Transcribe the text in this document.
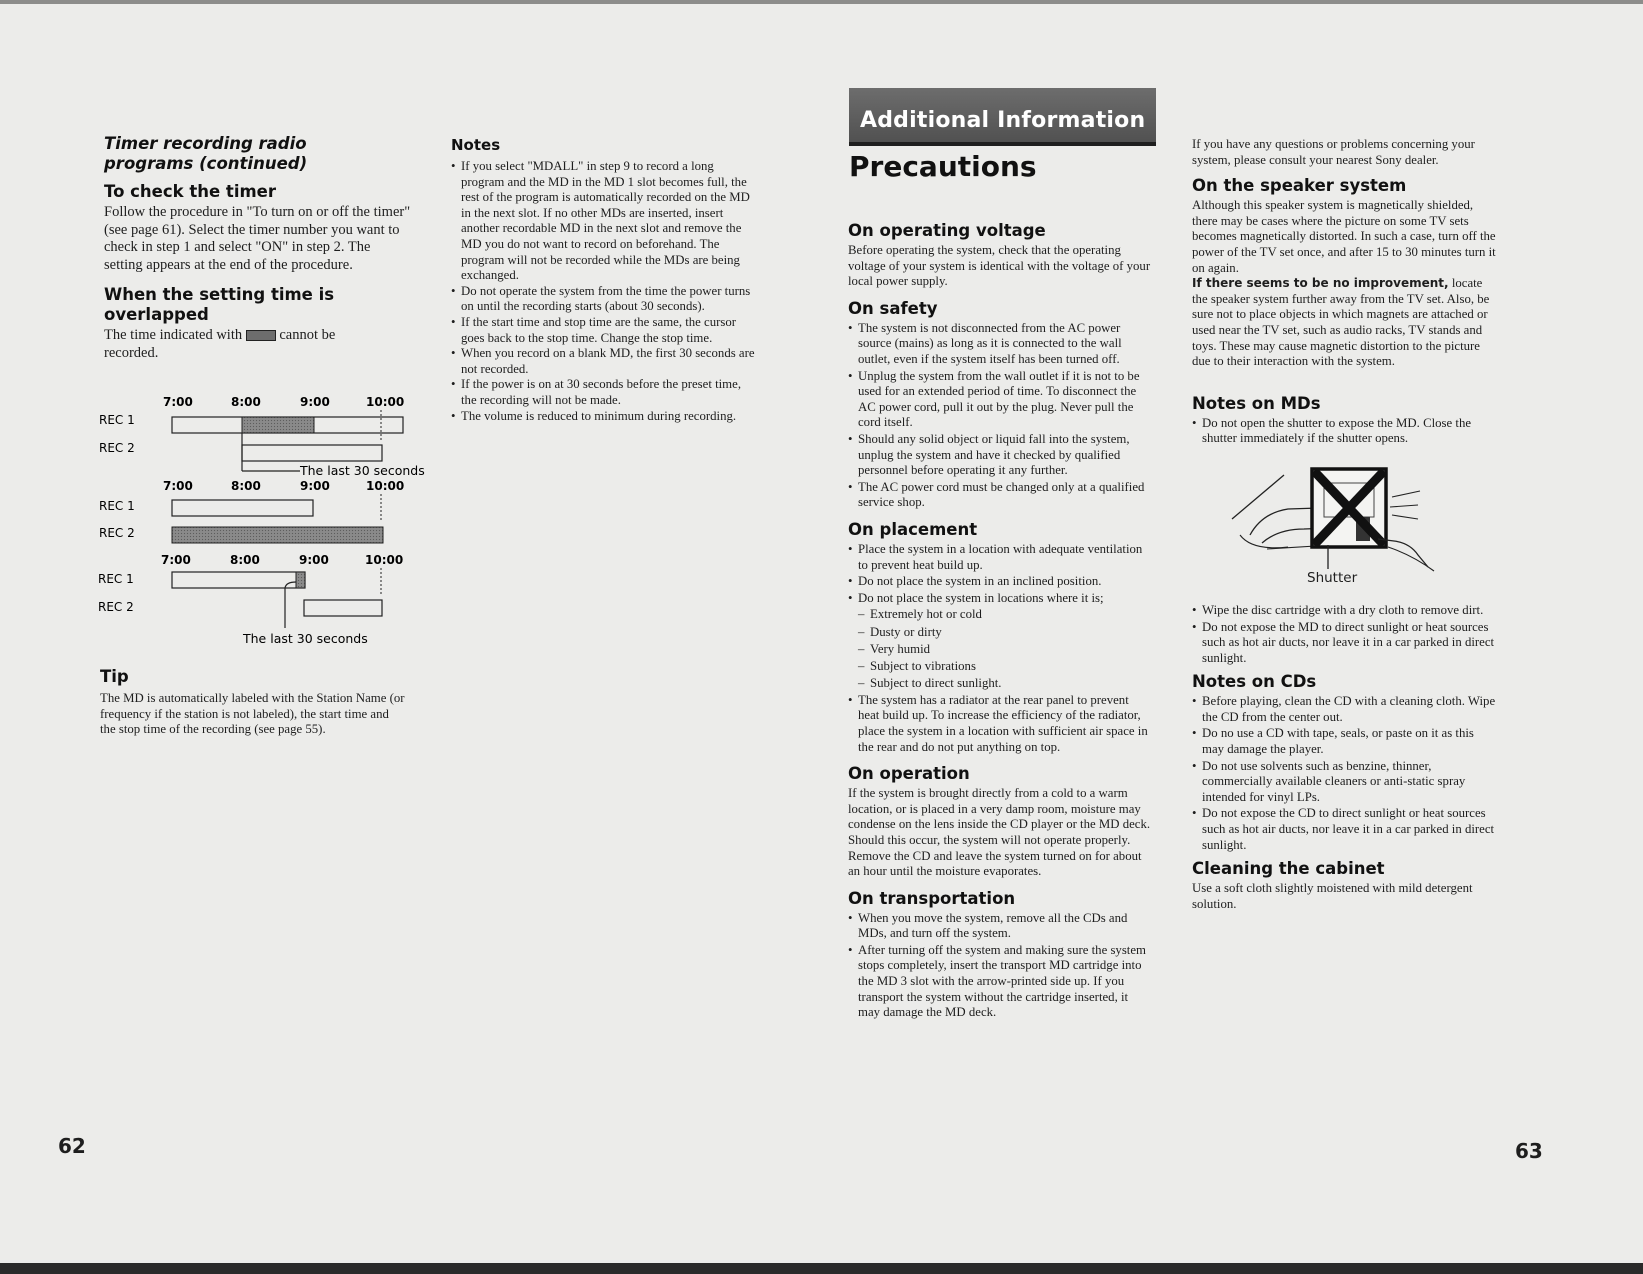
Timer recording radio programs (continued)
To check the timer

Follow the procedure in "To turn on or off the timer" (see page 61). Select the timer number you want to check in step 1 and select "ON" in step 2. The setting appears at the end of the procedure.

When the setting time is overlapped

The time indicated with	cannot be recorded.

7:00	8:00	9:00	10:00
REC 1
REC 2
The last 30 seconds
7:00	8:00	9:00	10:00
REC 1
REC 2
7:00	8:00	9:00	10:00
REC 1
REC 2
The last 30 seconds
Tip

The MD is automatically labeled with the Station Name (or frequency if the station is not labeled), the start time and the stop time of the recording (see page 55).

Notes
• If you select "MDALL" in step 9 to record a long program and the MD in the MD 1 slot becomes full, the rest of the program is automatically recorded on the MD in the next slot. If no other MDs are inserted, insert another recordable MD in the next slot and remove the MD you do not want to record on beforehand. The program will not be recorded while the MDs are being exchanged.
• Do not operate the system from the time the power turns on until the recording starts (about 30 seconds).
• If the start time and stop time are the same, the cursor goes back to the stop time. Change the stop time.
• When you record on a blank MD, the first 30 seconds are not recorded.
• If the power is on at 30 seconds before the preset time, the recording will not be made.
• The volume is reduced to minimum during recording.
62
Additional Information
Precautions
On operating voltage

Before operating the system, check that the operating voltage of your system is identical with the voltage of your local power supply.

On safety
• The system is not disconnected from the AC power source (mains) as long as it is connected to the wall outlet, even if the system itself has been turned off.
• Unplug the system from the wall outlet if it is not to be used for an extended period of time. To disconnect the AC power cord, pull it out by the plug. Never pull the cord itself.
• Should any solid object or liquid fall into the system, unplug the system and have it checked by qualified personnel before operating it any further.
• The AC power cord must be changed only at a qualified service shop.
On placement
• Place the system in a location with adequate ventilation to prevent heat build up.
• Do not place the system in an inclined position.
• Do not place the system in locations where it is;
– Extremely hot or cold
– Dusty or dirty
– Very humid
– Subject to vibrations
– Subject to direct sunlight.
• The system has a radiator at the rear panel to prevent heat build up. To increase the efficiency of the radiator, place the system in a location with sufficient air space in the rear and do not put anything on top.
On operation

If the system is brought directly from a cold to a warm location, or is placed in a very damp room, moisture may condense on the lens inside the CD player or the MD deck. Should this occur, the system will not operate properly. Remove the CD and leave the system turned on for about an hour until the moisture evaporates.

On transportation
• When you move the system, remove all the CDs and MDs, and turn off the system.
• After turning off the system and making sure the system stops completely, insert the transport MD cartridge into the MD 3 slot with the arrow-printed side up. If you transport the system without the cartridge inserted, it may damage the MD deck.

If you have any questions or problems concerning your system, please consult your nearest Sony dealer.

On the speaker system

Although this speaker system is magnetically shielded, there may be cases where the picture on some TV sets becomes magnetically distorted. In such a case, turn off the power of the TV set once, and after 15 to 30 minutes turn it on again.

If there seems to be no improvement, locate the speaker system further away from the TV set. Also, be sure not to place objects in which magnets are attached or used near the TV set, such as audio racks, TV stands and toys. These may cause magnetic distortion to the picture due to their interaction with the system.

Notes on MDs
• Do not open the shutter to expose the MD. Close the shutter immediately if the shutter opens.
Shutter
• Wipe the disc cartridge with a dry cloth to remove dirt.
• Do not expose the MD to direct sunlight or heat sources such as hot air ducts, nor leave it in a car parked in direct sunlight.
Notes on CDs
• Before playing, clean the CD with a cleaning cloth. Wipe the CD from the center out.
• Do no use a CD with tape, seals, or paste on it as this may damage the player.
• Do not use solvents such as benzine, thinner, commercially available cleaners or anti-static spray intended for vinyl LPs.
• Do not expose the CD to direct sunlight or heat sources such as hot air ducts, nor leave it in a car parked in direct sunlight.
Cleaning the cabinet

Use a soft cloth slightly moistened with mild detergent solution.

63
